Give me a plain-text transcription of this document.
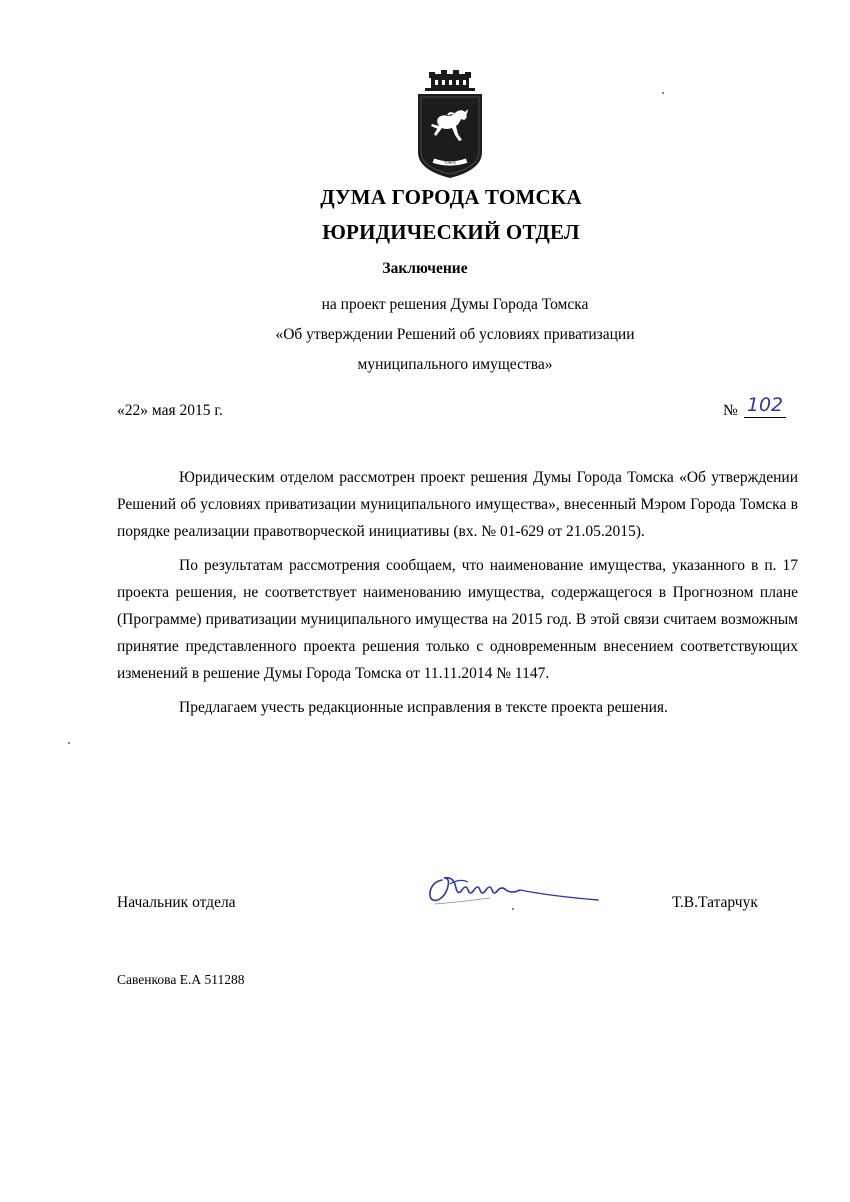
ТОМСК
ДУМА ГОРОДА ТОМСКА
ЮРИДИЧЕСКИЙ ОТДЕЛ
Заключение
на проект решения Думы Города Томска
«Об утверждении Решений об условиях приватизации
муниципального имущества»
«22» мая 2015 г.	№ 102

Юридическим отделом рассмотрен проект решения Думы Города Томска «Об утверждении Решений об условиях приватизации муниципального имущества», внесенный Мэром Города Томска в порядке реализации правотворческой инициативы (вх. № 01-629 от 21.05.2015).

По результатам рассмотрения сообщаем, что наименование имущества, указанного в п. 17 проекта решения, не соответствует наименованию имущества, содержащегося в Прогнозном плане (Программе) приватизации муниципального имущества на 2015 год. В этой связи считаем возможным принятие представленного проекта решения только с одновременным внесением соответствующих изменений в решение Думы Города Томска от 11.11.2014 № 1147.

Предлагаем учесть редакционные исправления в тексте проекта решения.

Начальник отдела	Т.В.Татарчук
Савенкова Е.А 511288
